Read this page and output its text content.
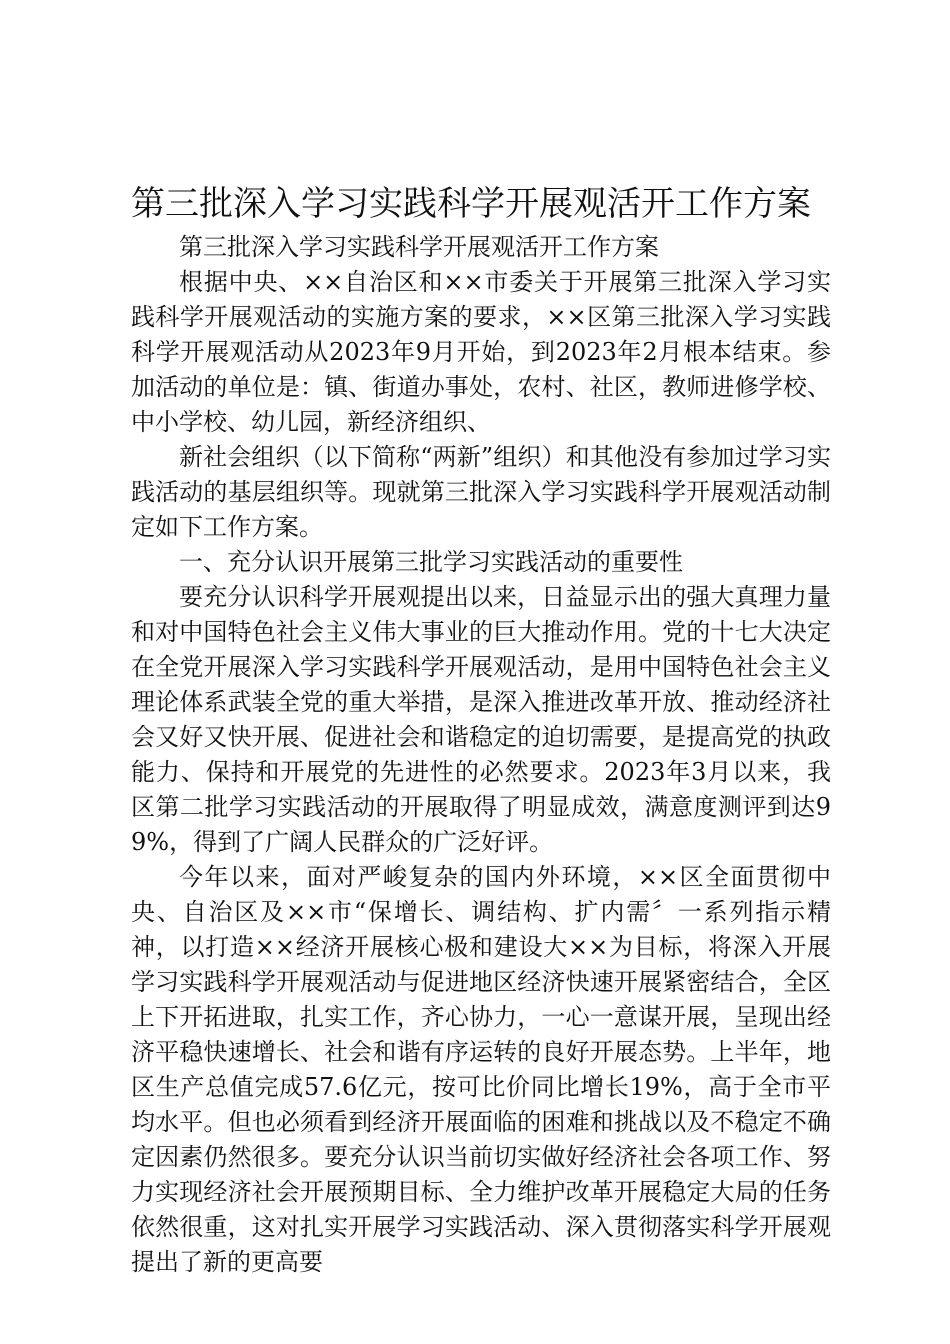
第三批深入学习实践科学开展观活开工作方案

第三批深入学习实践科学开展观活开工作方案

根据中央、××自治区和××市委关于开展第三批深入学习实践科学开展观活动的实施方案的要求，××区第三批深入学习实践科学开展观活动从2023年9月开始，到2023年2月根本结束。参加活动的单位是：镇、街道办事处，农村、社区，教师进修学校、中小学校、幼儿园，新经济组织、

新社会组织（以下简称“两新”组织）和其他没有参加过学习实践活动的基层组织等。现就第三批深入学习实践科学开展观活动制定如下工作方案。

一、充分认识开展第三批学习实践活动的重要性

要充分认识科学开展观提出以来，日益显示出的强大真理力量和对中国特色社会主义伟大事业的巨大推动作用。党的十七大决定在全党开展深入学习实践科学开展观活动，是用中国特色社会主义理论体系武装全党的重大举措，是深入推进改革开放、推动经济社会又好又快开展、促进社会和谐稳定的迫切需要，是提高党的执政能力、保持和开展党的先进性的必然要求。2023年3月以来，我区第二批学习实践活动的开展取得了明显成效，满意度测评到达99%，得到了广阔人民群众的广泛好评。

今年以来，面对严峻复杂的国内外环境，××区全面贯彻中央、自治区及××市“保增长、调结构、扩内需〞一系列指示精神，以打造××经济开展核心极和建设大××为目标，将深入开展学习实践科学开展观活动与促进地区经济快速开展紧密结合，全区上下开拓进取，扎实工作，齐心协力，一心一意谋开展，呈现出经济平稳快速增长、社会和谐有序运转的良好开展态势。上半年，地区生产总值完成57.6亿元，按可比价同比增长19%，高于全市平均水平。但也必须看到经济开展面临的困难和挑战以及不稳定不确定因素仍然很多。要充分认识当前切实做好经济社会各项工作、努力实现经济社会开展预期目标、全力维护改革开展稳定大局的任务依然很重，这对扎实开展学习实践活动、深入贯彻落实科学开展观提出了新的更高要
